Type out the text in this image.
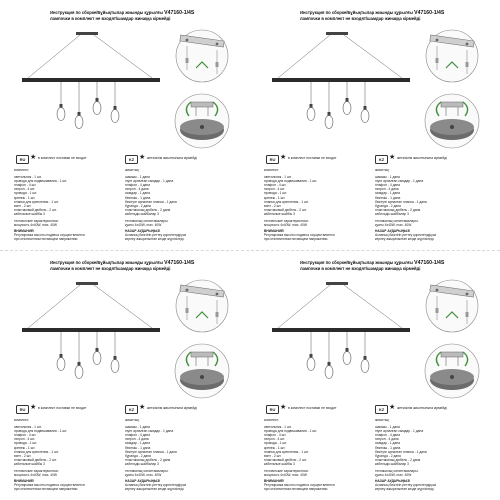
Инструкция по сборке/Бұйықтылар жиынды құрылғы V47160-1/4S
лампочки в комплект не входят/шамдар жинаққа кірмейді
RU ★ в комплект поставки не входит	KZ ★ жеткізілім жиынтығына кірмейді
комплект:
светильник - 1 шт.
провода для подвешивания - 1 шт.
плафон - 4 шт.
патрон - 4 шт.
провода - 1 шт.
крепеж - 1 шт.
планка для крепления - 1 шт.
винт - 2 шт.
пластиковый дюбель - 2 шт.
кабельные шайбы 3
технические характеристики:
мощность 4x40W, max. 40W
ВНИМАНИЕ!
Регулировка высоты подвеса осуществляется
при отключенном питающем напряжении.
жиынтық:
шамшы - 1 дана
ілуге арналған сымдар - 1 дана
плафон - 4 дана
патрон - 4 дана
сымдар - 1 дана
бекіткіш - 1 дана
бекітуге арналған планка - 1 дана
бұранда - 2 дана
пластикалық дюбель - 2 дана
кабельдік шайбалар 3
техникалық сипаттамалары:
қуаты 4x40W, max. 40W
НАЗАР АУДАРЫҢЫЗ!
Аспаның биіктігін реттеу қоректендіруші
кернеу ажыратылған кезде жүргізіледі.
Инструкция по сборке/Бұйықтылар жиынды құрылғы V47160-1/4S
лампочки в комплект не входят/шамдар жинаққа кірмейді
RU ★ в комплект поставки не входит	KZ ★ жеткізілім жиынтығына кірмейді
комплект:
светильник - 1 шт.
провода для подвешивания - 1 шт.
плафон - 4 шт.
патрон - 4 шт.
провода - 1 шт.
крепеж - 1 шт.
планка для крепления - 1 шт.
винт - 2 шт.
пластиковый дюбель - 2 шт.
кабельные шайбы 3
технические характеристики:
мощность 4x40W, max. 40W
ВНИМАНИЕ!
Регулировка высоты подвеса осуществляется
при отключенном питающем напряжении.
жиынтық:
шамшы - 1 дана
ілуге арналған сымдар - 1 дана
плафон - 4 дана
патрон - 4 дана
сымдар - 1 дана
бекіткіш - 1 дана
бекітуге арналған планка - 1 дана
бұранда - 2 дана
пластикалық дюбель - 2 дана
кабельдік шайбалар 3
техникалық сипаттамалары:
қуаты 4x40W, max. 40W
НАЗАР АУДАРЫҢЫЗ!
Аспаның биіктігін реттеу қоректендіруші
кернеу ажыратылған кезде жүргізіледі.
Инструкция по сборке/Бұйықтылар жиынды құрылғы V47160-1/4S
лампочки в комплект не входят/шамдар жинаққа кірмейді
RU ★ в комплект поставки не входит	KZ ★ жеткізілім жиынтығына кірмейді
комплект:
светильник - 1 шт.
провода для подвешивания - 1 шт.
плафон - 4 шт.
патрон - 4 шт.
провода - 1 шт.
крепеж - 1 шт.
планка для крепления - 1 шт.
винт - 2 шт.
пластиковый дюбель - 2 шт.
кабельные шайбы 3
технические характеристики:
мощность 4x40W, max. 40W
ВНИМАНИЕ!
Регулировка высоты подвеса осуществляется
при отключенном питающем напряжении.
жиынтық:
шамшы - 1 дана
ілуге арналған сымдар - 1 дана
плафон - 4 дана
патрон - 4 дана
сымдар - 1 дана
бекіткіш - 1 дана
бекітуге арналған планка - 1 дана
бұранда - 2 дана
пластикалық дюбель - 2 дана
кабельдік шайбалар 3
техникалық сипаттамалары:
қуаты 4x40W, max. 40W
НАЗАР АУДАРЫҢЫЗ!
Аспаның биіктігін реттеу қоректендіруші
кернеу ажыратылған кезде жүргізіледі.
Инструкция по сборке/Бұйықтылар жиынды құрылғы V47160-1/4S
лампочки в комплект не входят/шамдар жинаққа кірмейді
RU ★ в комплект поставки не входит	KZ ★ жеткізілім жиынтығына кірмейді
комплект:
светильник - 1 шт.
провода для подвешивания - 1 шт.
плафон - 4 шт.
патрон - 4 шт.
провода - 1 шт.
крепеж - 1 шт.
планка для крепления - 1 шт.
винт - 2 шт.
пластиковый дюбель - 2 шт.
кабельные шайбы 3
технические характеристики:
мощность 4x40W, max. 40W
ВНИМАНИЕ!
Регулировка высоты подвеса осуществляется
при отключенном питающем напряжении.
жиынтық:
шамшы - 1 дана
ілуге арналған сымдар - 1 дана
плафон - 4 дана
патрон - 4 дана
сымдар - 1 дана
бекіткіш - 1 дана
бекітуге арналған планка - 1 дана
бұранда - 2 дана
пластикалық дюбель - 2 дана
кабельдік шайбалар 3
техникалық сипаттамалары:
қуаты 4x40W, max. 40W
НАЗАР АУДАРЫҢЫЗ!
Аспаның биіктігін реттеу қоректендіруші
кернеу ажыратылған кезде жүргізіледі.
